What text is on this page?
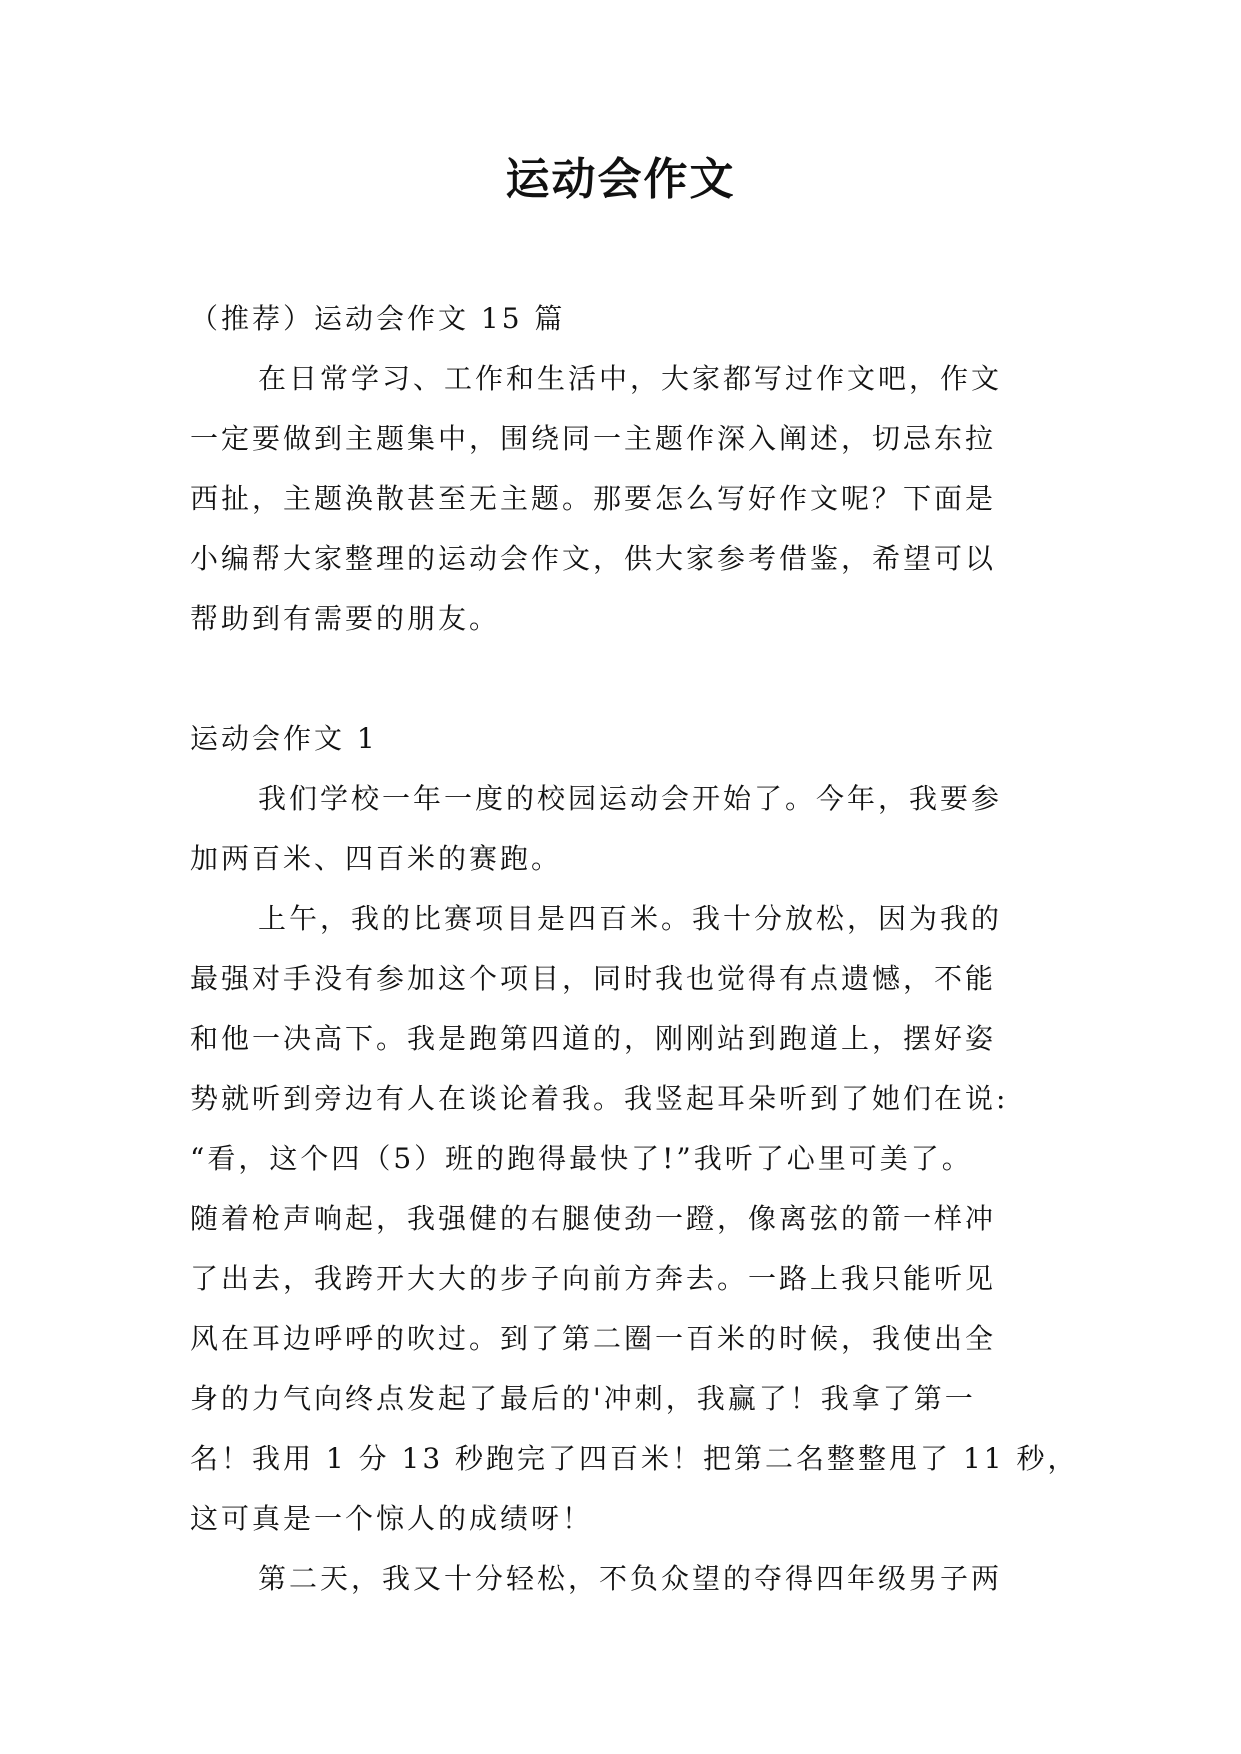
运动会作文

（推荐）运动会作文 15 篇

在日常学习、工作和生活中，大家都写过作文吧，作文
一定要做到主题集中，围绕同一主题作深入阐述，切忌东拉
西扯，主题涣散甚至无主题。那要怎么写好作文呢？下面是
小编帮大家整理的运动会作文，供大家参考借鉴，希望可以
帮助到有需要的朋友。

运动会作文 1

我们学校一年一度的校园运动会开始了。今年，我要参
加两百米、四百米的赛跑。

上午，我的比赛项目是四百米。我十分放松，因为我的
最强对手没有参加这个项目，同时我也觉得有点遗憾，不能
和他一决高下。我是跑第四道的，刚刚站到跑道上，摆好姿
势就听到旁边有人在谈论着我。我竖起耳朵听到了她们在说:
“看，这个四（5）班的跑得最快了!”我听了心里可美了。
随着枪声响起，我强健的右腿使劲一蹬，像离弦的箭一样冲
了出去，我跨开大大的步子向前方奔去。一路上我只能听见
风在耳边呼呼的吹过。到了第二圈一百米的时候，我使出全
身的力气向终点发起了最后的'冲刺，我赢了！我拿了第一
名！我用 1 分 13 秒跑完了四百米！把第二名整整甩了 11 秒，
这可真是一个惊人的成绩呀！

第二天，我又十分轻松，不负众望的夺得四年级男子两
